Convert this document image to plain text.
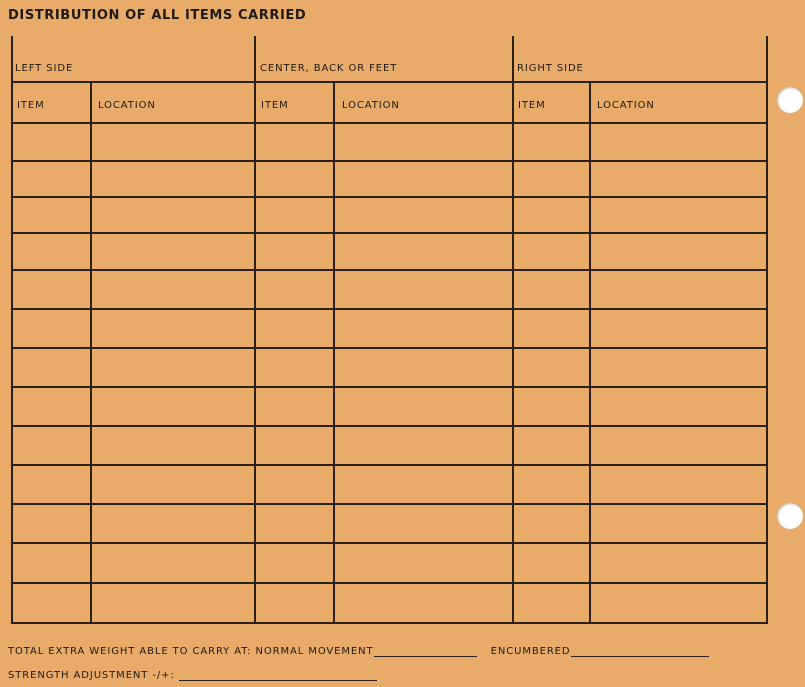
DISTRIBUTION OF ALL ITEMS CARRIED
LEFT SIDE	CENTER, BACK OR FEET	RIGHT SIDE
ITEM	LOCATION	ITEM	LOCATION	ITEM	LOCATION
TOTAL EXTRA WEIGHT ABLE TO CARRY AT: NORMAL MOVEMENT	ENCUMBERED
STRENGTH ADJUSTMENT -/+:
